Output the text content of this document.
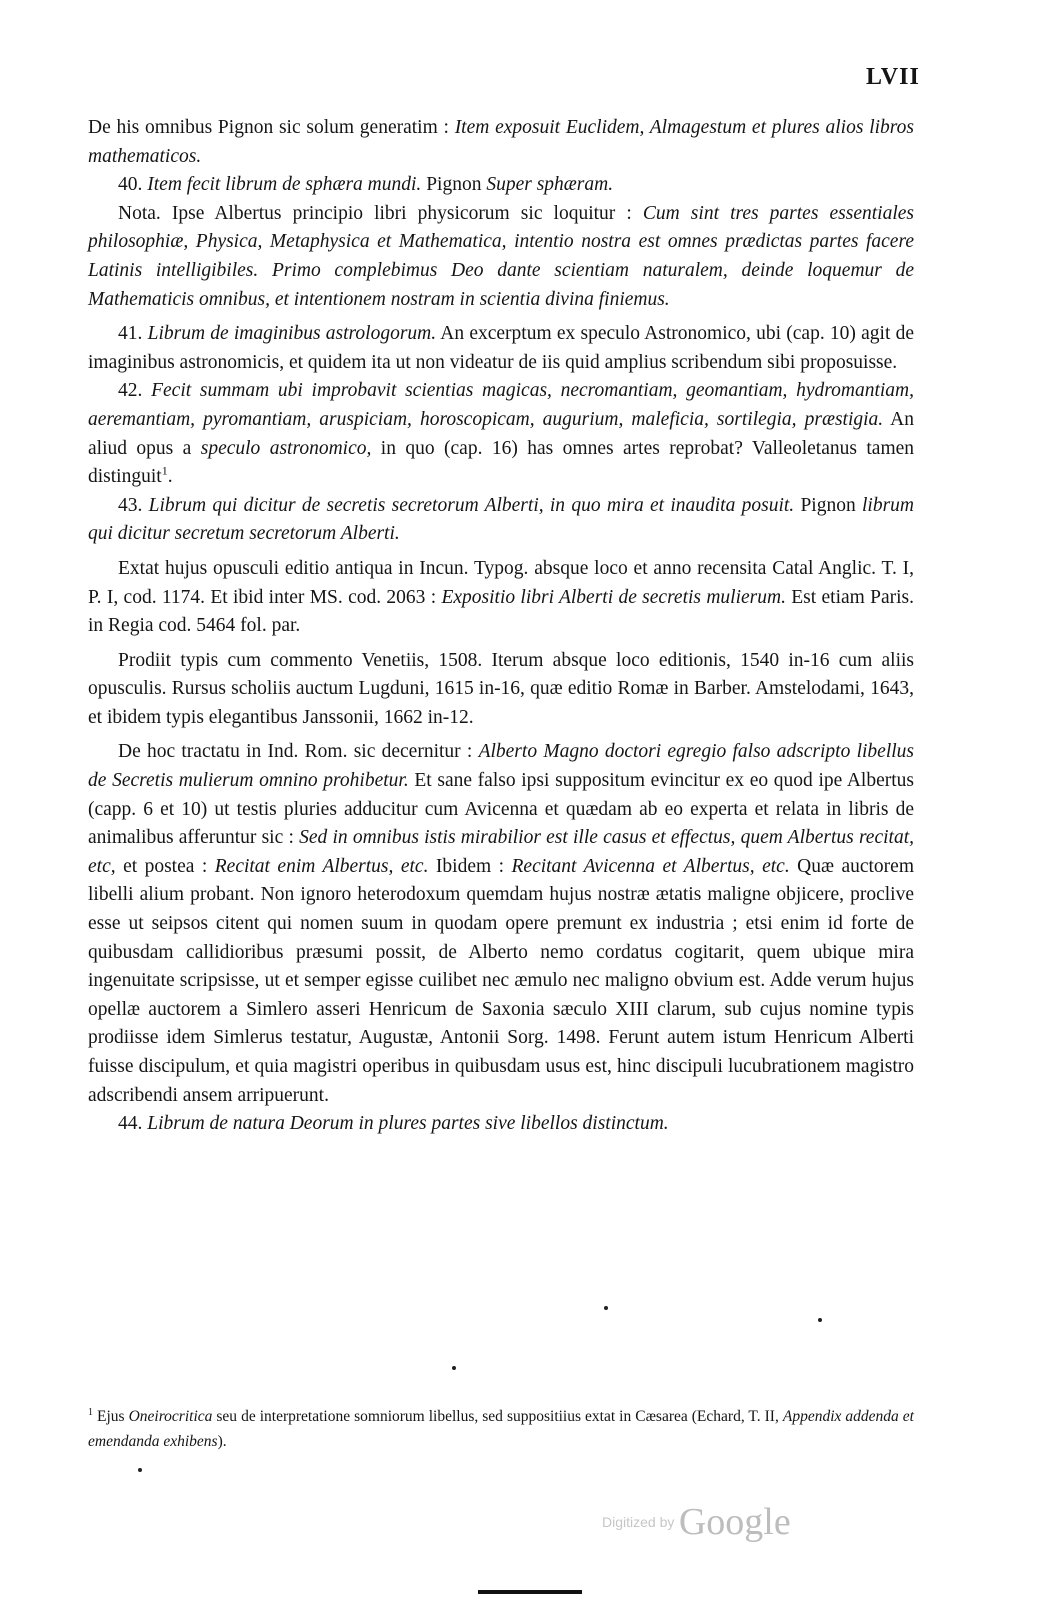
LVII

De his omnibus Pignon sic solum generatim : Item exposuit Euclidem, Almagestum et plures alios libros mathematicos.

40. Item fecit librum de sphæra mundi. Pignon Super sphæram.

Nota. Ipse Albertus principio libri physicorum sic loquitur : Cum sint tres partes essentiales philosophiæ, Physica, Metaphysica et Mathematica, intentio nostra est omnes prædictas partes facere Latinis intelligibiles. Primo complebimus Deo dante scientiam naturalem, deinde loquemur de Mathematicis omnibus, et intentionem nostram in scientia divina finiemus.

41. Librum de imaginibus astrologorum. An excerptum ex speculo Astronomico, ubi (cap. 10) agit de imaginibus astronomicis, et quidem ita ut non videatur de iis quid amplius scribendum sibi proposuisse.

42. Fecit summam ubi improbavit scientias magicas, necromantiam, geomantiam, hydromantiam, aeremantiam, pyromantiam, aruspiciam, horoscopicam, augurium, maleficia, sortilegia, præstigia. An aliud opus a speculo astronomico, in quo (cap. 16) has omnes artes reprobat? Valleoletanus tamen distinguit$^1$.

43. Librum qui dicitur de secretis secretorum Alberti, in quo mira et inaudita posuit. Pignon librum qui dicitur secretum secretorum Alberti.

Extat hujus opusculi editio antiqua in Incun. Typog. absque loco et anno recensita Catal Anglic. T. I, P. I, cod. 1174. Et ibid inter MS. cod. 2063 : Expositio libri Alberti de secretis mulierum. Est etiam Paris. in Regia cod. 5464 fol. par.

Prodiit typis cum commento Venetiis, 1508. Iterum absque loco editionis, 1540 in-16 cum aliis opusculis. Rursus scholiis auctum Lugduni, 1615 in-16, quæ editio Romæ in Barber. Amstelodami, 1643, et ibidem typis elegantibus Janssonii, 1662 in-12.

De hoc tractatu in Ind. Rom. sic decernitur : Alberto Magno doctori egregio falso adscripto libellus de Secretis mulierum omnino prohibetur. Et sane falso ipsi suppositum evincitur ex eo quod ipe Albertus (capp. 6 et 10) ut testis pluries adducitur cum Avicenna et quædam ab eo experta et relata in libris de animalibus afferuntur sic : Sed in omnibus istis mirabilior est ille casus et effectus, quem Albertus recitat, etc, et postea : Recitat enim Albertus, etc. Ibidem : Recitant Avicenna et Albertus, etc. Quæ auctorem libelli alium probant. Non ignoro heterodoxum quemdam hujus nostræ ætatis maligne objicere, proclive esse ut seipsos citent qui nomen suum in quodam opere premunt ex industria ; etsi enim id forte de quibusdam callidioribus præsumi possit, de Alberto nemo cordatus cogitarit, quem ubique mira ingenuitate scripsisse, ut et semper egisse cuilibet nec æmulo nec maligno obvium est. Adde verum hujus opellæ auctorem a Simlero asseri Henricum de Saxonia sæculo XIII clarum, sub cujus nomine typis prodiisse idem Simlerus testatur, Augustæ, Antonii Sorg. 1498. Ferunt autem istum Henricum Alberti fuisse discipulum, et quia magistri operibus in quibusdam usus est, hinc discipuli lucubrationem magistro adscribendi ansem arripuerunt.

44. Librum de natura Deorum in plures partes sive libellos distinctum.

$^1$ Ejus Oneirocritica seu de interpretatione somniorum libellus, sed suppositiius extat in Cæsarea (Echard, T. II, Appendix addenda et emendanda exhibens).

Digitized by Google
